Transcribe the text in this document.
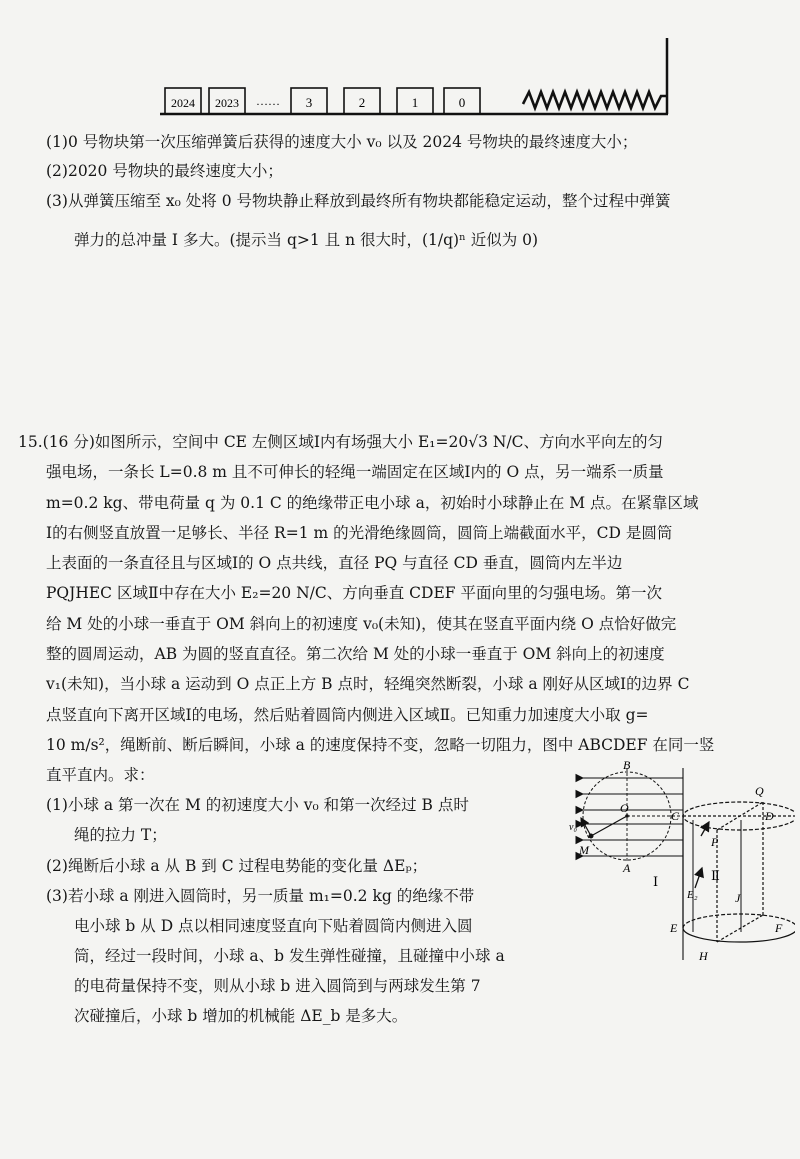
2024 2023 …… 3	2	1	0
(1)0 号物块第一次压缩弹簧后获得的速度大小 v₀ 以及 2024 号物块的最终速度大小；
(2)2020 号物块的最终速度大小；
(3)从弹簧压缩至 x₀ 处将 0 号物块静止释放到最终所有物块都能稳定运动，整个过程中弹簧
弹力的总冲量 I 多大。(提示当 q>1 且 n 很大时，(1/q)ⁿ 近似为 0)
15.(16 分)如图所示，空间中 CE 左侧区域Ⅰ内有场强大小 E₁=20√3 N/C、方向水平向左的匀
强电场，一条长 L=0.8 m 且不可伸长的轻绳一端固定在区域Ⅰ内的 O 点，另一端系一质量
m=0.2 kg、带电荷量 q 为 0.1 C 的绝缘带正电小球 a，初始时小球静止在 M 点。在紧靠区域
Ⅰ的右侧竖直放置一足够长、半径 R=1 m 的光滑绝缘圆筒，圆筒上端截面水平，CD 是圆筒
上表面的一条直径且与区域Ⅰ的 O 点共线，直径 PQ 与直径 CD 垂直，圆筒内左半边
PQJHEC 区域Ⅱ中存在大小 E₂=20 N/C、方向垂直 CDEF 平面向里的匀强电场。第一次
给 M 处的小球一垂直于 OM 斜向上的初速度 v₀(未知)，使其在竖直平面内绕 O 点恰好做完
整的圆周运动，AB 为圆的竖直直径。第二次给 M 处的小球一垂直于 OM 斜向上的初速度
v₁(未知)，当小球 a 运动到 O 点正上方 B 点时，轻绳突然断裂，小球 a 刚好从区域Ⅰ的边界 C
点竖直向下离开区域Ⅰ的电场，然后贴着圆筒内侧进入区域Ⅱ。已知重力加速度大小取 g=
10 m/s²，绳断前、断后瞬间，小球 a 的速度保持不变，忽略一切阻力，图中 ABCDEF 在同一竖
直平直内。求：
(1)小球 a 第一次在 M 的初速度大小 v₀ 和第一次经过 B 点时
绳的拉力 T；
(2)绳断后小球 a 从 B 到 C 过程电势能的变化量 ΔEₚ；
(3)若小球 a 刚进入圆筒时，另一质量 m₁=0.2 kg 的绝缘不带
电小球 b 从 D 点以相同速度竖直向下贴着圆筒内侧进入圆
筒，经过一段时间，小球 a、b 发生弹性碰撞，且碰撞中小球 a
的电荷量保持不变，则从小球 b 进入圆筒到与两球发生第 7
次碰撞后，小球 b 增加的机械能 ΔE_b 是多大。
B
O
C	D
Q
P
M
A
v₀
Ⅰ	Ⅱ
E₂	J
E	F
H
